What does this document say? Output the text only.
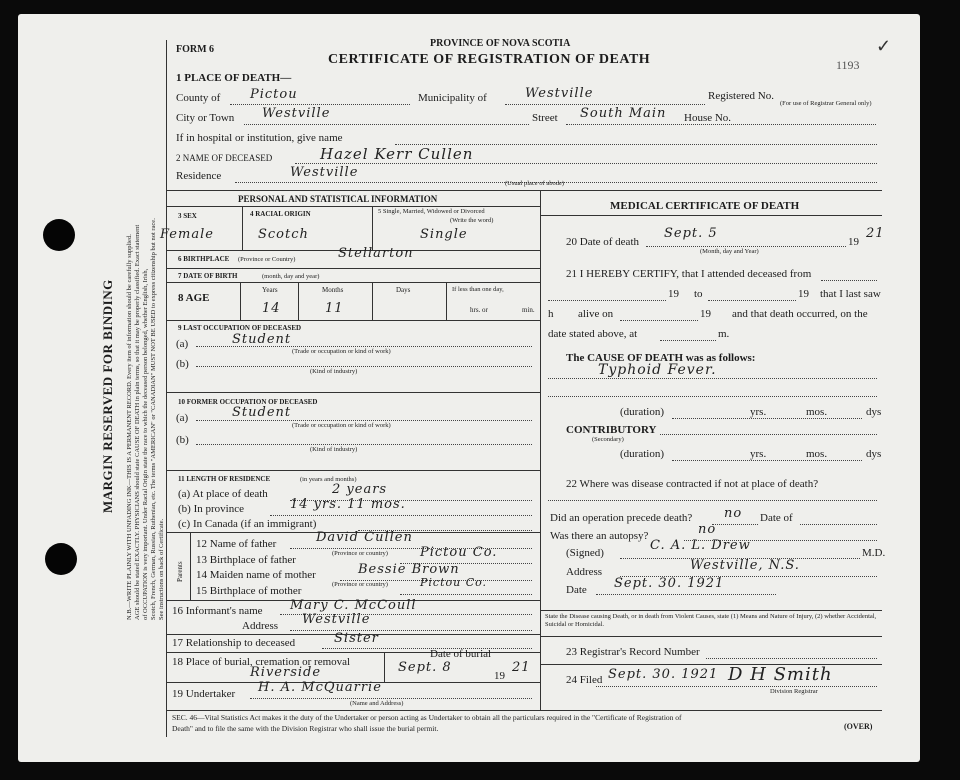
MARGIN RESERVED FOR BINDING N.B.—WRITE PLAINLY WITH UNFADING INK—THIS IS A PERMANENT RECORD. Every item of information should be carefully supplied. AGE should be stated EXACTLY. PHYSICIANS should state CAUSE OF DEATH in plain terms, so that it may be properly classified. Exact statement of OCCUPATION is very important. Under Racial Origin state the race to which the deceased person belonged, whether English, Irish, Scotch, French, German, Russian, Ruthenian, etc. The terms "AMERICAN" or "CANADIAN" MUST NOT BE USED to express citizenship but not race. See instructions on back of Certificate.
FORM 6
PROVINCE OF NOVA SCOTIA
CERTIFICATE OF REGISTRATION OF DEATH	1193
✓
1 PLACE OF DEATH—
County of Pictou	Municipality of	Westville	Registered No.
(For use of Registrar General only)
City or Town Westville	Street South Main House No.
If in hospital or institution, give name
2 NAME OF DECEASED	Hazel Kerr Cullen
Residence	Westville
(Usual place of abode)
PERSONAL AND STATISTICAL INFORMATION
3 SEX	4 RACIAL ORIGIN	5 Single, Married, Widowed or Divorced
(Write the word)
Female	Scotch	Single
6 BIRTHPLACE (Province or Country)	Stellarton
7 DATE OF BIRTH	(month, day and year)
8 AGE
Years	Months	Days	If less than one day,
14	11	hrs. or	min.
9 LAST OCCUPATION OF DECEASED
(a)	Student
(Trade or occupation or kind of work)
(b)
(Kind of industry)
10 FORMER OCCUPATION OF DECEASED
(a)	Student
(Trade or occupation or kind of work)
(b)
(Kind of industry)
11 LENGTH OF RESIDENCE	(in years and months)
(a) At place of death	2 years
(b) In province	14 yrs. 11 mos.
(c) In Canada (if an immigrant)
Parents
12 Name of father	David Cullen
13 Birthplace of father
(Province or country) Pictou Co.
14 Maiden name of mother	Bessie Brown
15 Birthplace of mother
(Province or country)	Pictou Co.
16 Informant's name Mary C. McCoull
Address Westville
17 Relationship to deceased	Sister
18 Place of burial, cremation or removal
Date of burial
Riverside	Sept. 8
19
21
19 Undertaker H. A. McQuarrie
(Name and Address)
MEDICAL CERTIFICATE OF DEATH
20 Date of death
Sept. 5
(Month, day and Year)
19
21
21 I HEREBY CERTIFY, that I attended deceased from
19 to	19 that I last saw
h alive on	19 and that death occurred, on the
date stated above, at	m.
The CAUSE OF DEATH was as follows:
Typhoid Fever.
(duration)	yrs.	mos.	dys
CONTRIBUTORY
(Secondary)
(duration)	yrs.	mos.	dys
22 Where was disease contracted if not at place of death?
Did an operation precede death? no Date of
Was there an autopsy?	no
(Signed)	C. A. L. Drew	M.D.
Address	Westville, N.S.
Date Sept. 30. 1921
State the Disease causing Death, or in death from Violent Causes, state (1) Means and Nature of Injury, (2) whether Accidental, Suicidal or Homicidal.
23 Registrar's Record Number
24 Filed Sept. 30. 1921 D H Smith
Division Registrar
SEC. 46—Vital Statistics Act makes it the duty of the Undertaker or person acting as Undertaker to obtain all the particulars required in the "Certificate of Registration of
Death" and to file the same with the Division Registrar who shall issue the burial permit.	(OVER)
